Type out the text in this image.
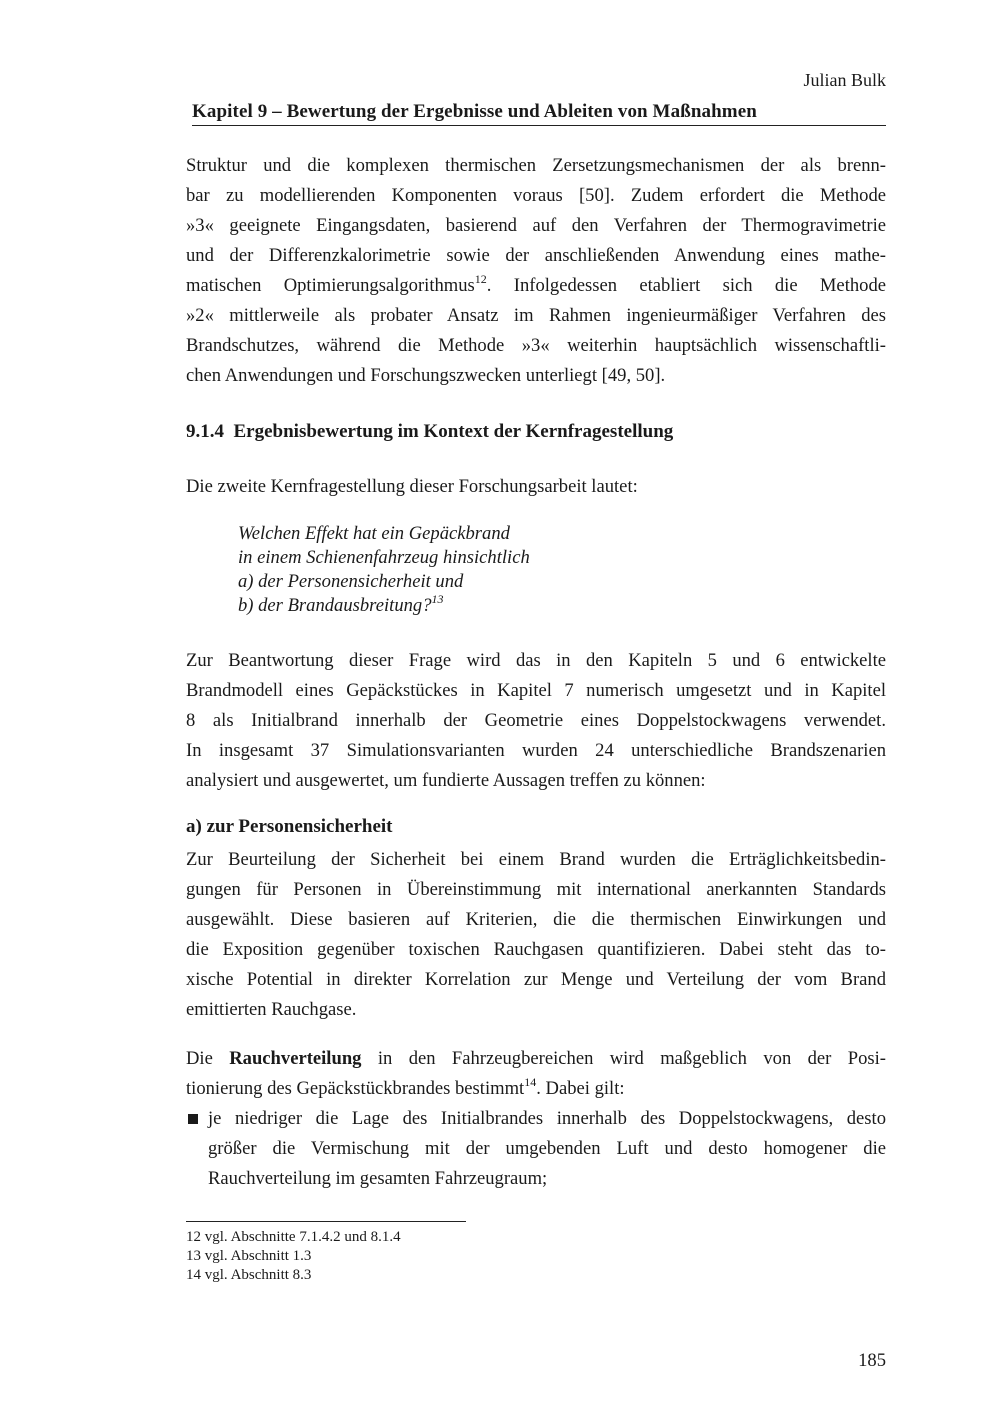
Julian Bulk
Kapitel 9 – Bewertung der Ergebnisse und Ableiten von Maßnahmen
Struktur und die komplexen thermischen Zersetzungsmechanismen der als brenn-
bar zu modellierenden Komponenten voraus [50]. Zudem erfordert die Methode
»3« geeignete Eingangsdaten, basierend auf den Verfahren der Thermogravimetrie
und der Differenzkalorimetrie sowie der anschließenden Anwendung eines mathe-
matischen Optimierungsalgorithmus$^{12}$. Infolgedessen etabliert sich die Methode
»2« mittlerweile als probater Ansatz im Rahmen ingenieurmäßiger Verfahren des
Brandschutzes, während die Methode »3« weiterhin hauptsächlich wissenschaftli-
chen Anwendungen und Forschungszwecken unterliegt [49, 50].
9.1.4 Ergebnisbewertung im Kontext der Kernfragestellung
Die zweite Kernfragestellung dieser Forschungsarbeit lautet:
Welchen Effekt hat ein Gepäckbrand
in einem Schienenfahrzeug hinsichtlich
a) der Personensicherheit und
b) der Brandausbreitung?$^{13}$
Zur Beantwortung dieser Frage wird das in den Kapiteln 5 und 6 entwickelte
Brandmodell eines Gepäckstückes in Kapitel 7 numerisch umgesetzt und in Kapitel
8 als Initialbrand innerhalb der Geometrie eines Doppelstockwagens verwendet.
In insgesamt 37 Simulationsvarianten wurden 24 unterschiedliche Brandszenarien
analysiert und ausgewertet, um fundierte Aussagen treffen zu können:
a) zur Personensicherheit
Zur Beurteilung der Sicherheit bei einem Brand wurden die Erträglichkeitsbedin-
gungen für Personen in Übereinstimmung mit international anerkannten Standards
ausgewählt. Diese basieren auf Kriterien, die die thermischen Einwirkungen und
die Exposition gegenüber toxischen Rauchgasen quantifizieren. Dabei steht das to-
xische Potential in direkter Korrelation zur Menge und Verteilung der vom Brand
emittierten Rauchgase.
Die Rauchverteilung in den Fahrzeugbereichen wird maßgeblich von der Posi-
tionierung des Gepäckstückbrandes bestimmt$^{14}$. Dabei gilt:
je niedriger die Lage des Initialbrandes innerhalb des Doppelstockwagens, desto
größer die Vermischung mit der umgebenden Luft und desto homogener die
Rauchverteilung im gesamten Fahrzeugraum;
12 vgl. Abschnitte 7.1.4.2 und 8.1.4
13 vgl. Abschnitt 1.3
14 vgl. Abschnitt 8.3
185
